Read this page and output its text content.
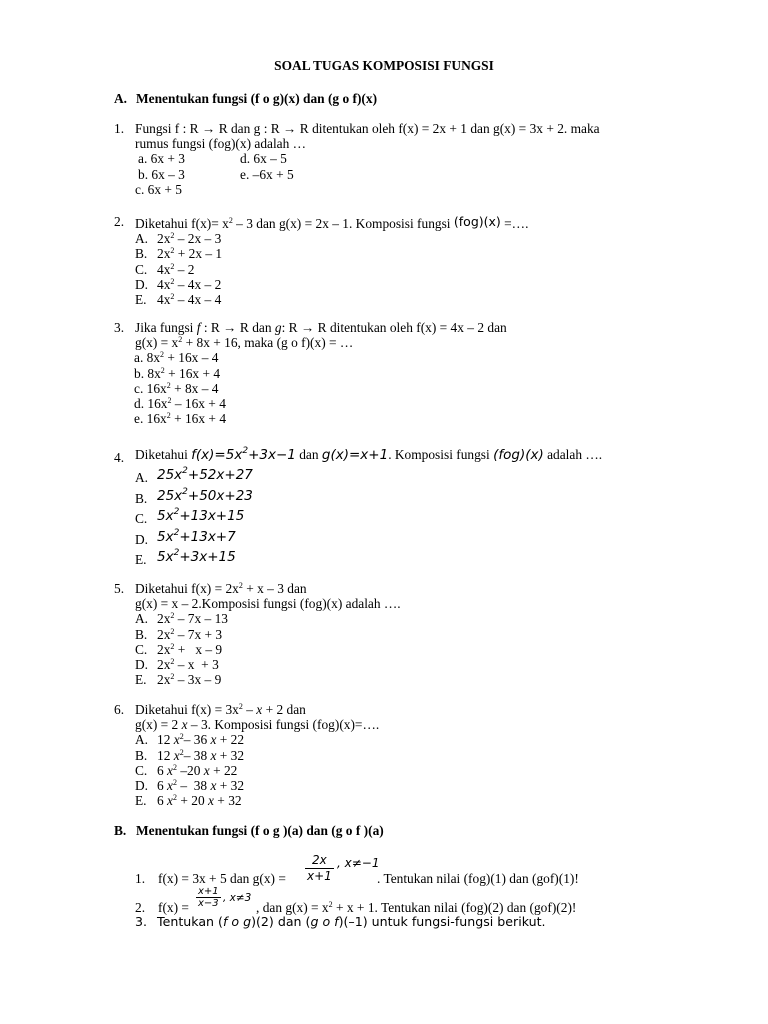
SOAL TUGAS KOMPOSISI FUNGSI
A. Menentukan fungsi (f o g)(x) dan (g o f)(x)
1. Fungsi f : R → R dan g : R → R ditentukan oleh f(x) = 2x + 1 dan g(x) = 3x + 2. maka
rumus fungsi (fog)(x) adalah …
a. 6x + 3	d. 6x – 5
b. 6x – 3	e. –6x + 5
c. 6x + 5
2. Diketahui $f(x)= x^2 - 3$ dan g(x) = 2x – 1. Komposisi fungsi (fog)(x) =….
A. $2x^2 - 2x - 3$
B. $2x^2 + 2x - 1$
C. $4x^2 - 2$
D. $4x^2 - 4x - 2$
E. $4x^2 - 4x - 4$
3. Jika fungsi f : R → R dan g: R → R ditentukan oleh f(x) = 4x – 2 dan
$g(x) = x^2 + 8x + 16$, maka (g o f)(x) = …
a. $8x^2 + 16x - 4$
b. $8x^2 + 16x + 4$
c. $16x^2 + 8x - 4$
d. $16x^2 - 16x + 4$
e. $16x^2 + 16x + 4$
4. Diketahui $f(x)=5x^2+3x-1$ dan g(x)=x+1. Komposisi fungsi (fog)(x) adalah ….
A. $25x^2+52x+27$
B. $25x^2+50x+23$
C. $5x^2+13x+15$
D. $5x^2+13x+7$
E. $5x^2+3x+15$
5. Diketahui $f(x) = 2x^2 + x - 3$ dan
g(x) = x – 2.Komposisi fungsi (fog)(x) adalah ….
A. $2x^2 - 7x - 13$
B. $2x^2 - 7x + 3$
C. $2x^2 + x - 9$
D. $2x^2 - x + 3$
E. $2x^2 - 3x - 9$
6. Diketahui $f(x) = 3x^2 - x + 2$ dan
g(x) = 2 x – 3. Komposisi fungsi (fog)(x)=….
A. 12 $x^2-$ 36 x + 22
B. 12 $x^2-$ 38 x + 32
C. 6 $x^2$ –20 x + 22
D. 6 $x^2 - 38$ x + 32
E. 6 $x^2 + 20$ x + 32
B. Menentukan fungsi (f o g )(a) dan (g o f )(a)
1. f(x) = 3x + 5 dan $g(x) = \frac{2x}{x+1}$ , x≠−1
. Tentukan nilai (fog)(1) dan (gof)(1)!
2. $f(x) = \frac{x+1}{x-3}$ , x≠3
, dan $g(x) = x^2 + x + 1$. Tentukan nilai (fog)(2) dan (gof)(2)!
3. Tentukan (f o g)(2) dan (g o f)(–1) untuk fungsi-fungsi berikut.
